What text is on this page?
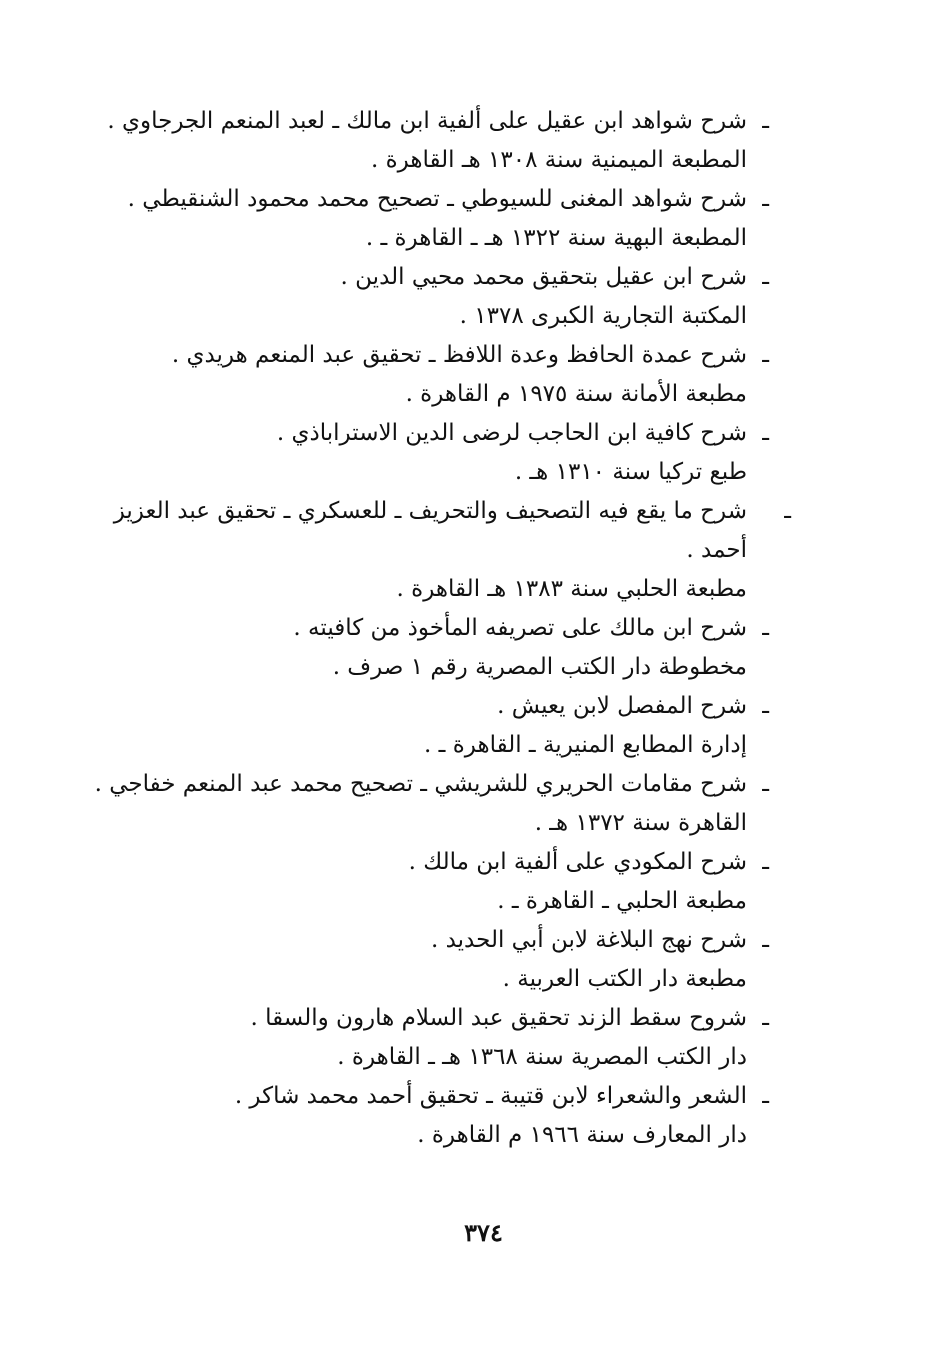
ـشرح شواهد ابن عقيل على ألفية ابن مالك ـ لعبد المنعم الجرجاوي .
المطبعة الميمنية سنة ١٣٠٨ هـ القاهرة .
ـشرح شواهد المغنى للسيوطي ـ تصحيح محمد محمود الشنقيطي .
المطبعة البهية سنة ١٣٢٢ هـ ـ القاهرة ـ .
ـشرح ابن عقيل بتحقيق محمد محيي الدين .
المكتبة التجارية الكبرى ١٣٧٨ .
ـشرح عمدة الحافظ وعدة اللافظ ـ تحقيق عبد المنعم هريدي .
مطبعة الأمانة سنة ١٩٧٥ م القاهرة .
ـشرح كافية ابن الحاجب لرضى الدين الاستراباذي .
طبع تركيا سنة ١٣١٠ هـ .
ـشرح ما يقع فيه التصحيف والتحريف ـ للعسكري ـ تحقيق عبد العزيز أحمد .
مطبعة الحلبي سنة ١٣٨٣ هـ القاهرة .
ـشرح ابن مالك على تصريفه المأخوذ من كافيته .
مخطوطة دار الكتب المصرية رقم ١ صرف .
ـشرح المفصل لابن يعيش .
إدارة المطابع المنيرية ـ القاهرة ـ .
ـشرح مقامات الحريري للشريشي ـ تصحيح محمد عبد المنعم خفاجي .
القاهرة سنة ١٣٧٢ هـ .
ـشرح المكودي على ألفية ابن مالك .
مطبعة الحلبي ـ القاهرة ـ .
ـشرح نهج البلاغة لابن أبي الحديد .
مطبعة دار الكتب العربية .
ـشروح سقط الزند تحقيق عبد السلام هارون والسقا .
دار الكتب المصرية سنة ١٣٦٨ هـ ـ القاهرة .
ـالشعر والشعراء لابن قتيبة ـ تحقيق أحمد محمد شاكر .
دار المعارف سنة ١٩٦٦ م القاهرة .
٣٧٤
